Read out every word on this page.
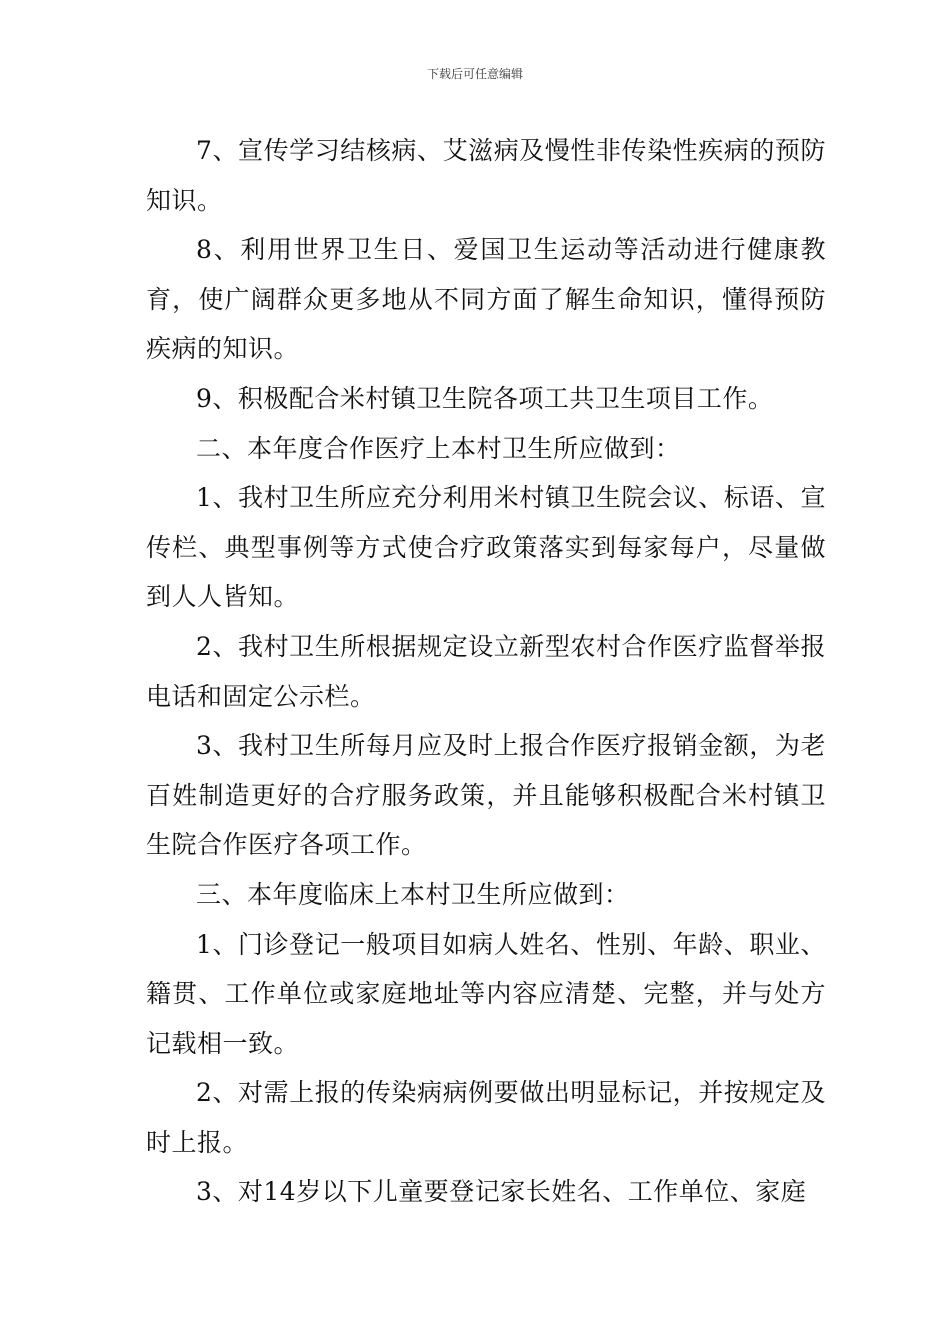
下载后可任意编辑

7、宣传学习结核病、艾滋病及慢性非传染性疾病的预防知识。

8、利用世界卫生日、爱国卫生运动等活动进行健康教育，使广阔群众更多地从不同方面了解生命知识，懂得预防疾病的知识。

9、积极配合米村镇卫生院各项工共卫生项目工作。

二、本年度合作医疗上本村卫生所应做到：

1、我村卫生所应充分利用米村镇卫生院会议、标语、宣传栏、典型事例等方式使合疗政策落实到每家每户，尽量做到人人皆知。

2、我村卫生所根据规定设立新型农村合作医疗监督举报电话和固定公示栏。

3、我村卫生所每月应及时上报合作医疗报销金额，为老百姓制造更好的合疗服务政策，并且能够积极配合米村镇卫生院合作医疗各项工作。

三、本年度临床上本村卫生所应做到：

1、门诊登记一般项目如病人姓名、性别、年龄、职业、籍贯、工作单位或家庭地址等内容应清楚、完整，并与处方记载相一致。

2、对需上报的传染病病例要做出明显标记，并按规定及时上报。

3、对14岁以下儿童要登记家长姓名、工作单位、家庭
